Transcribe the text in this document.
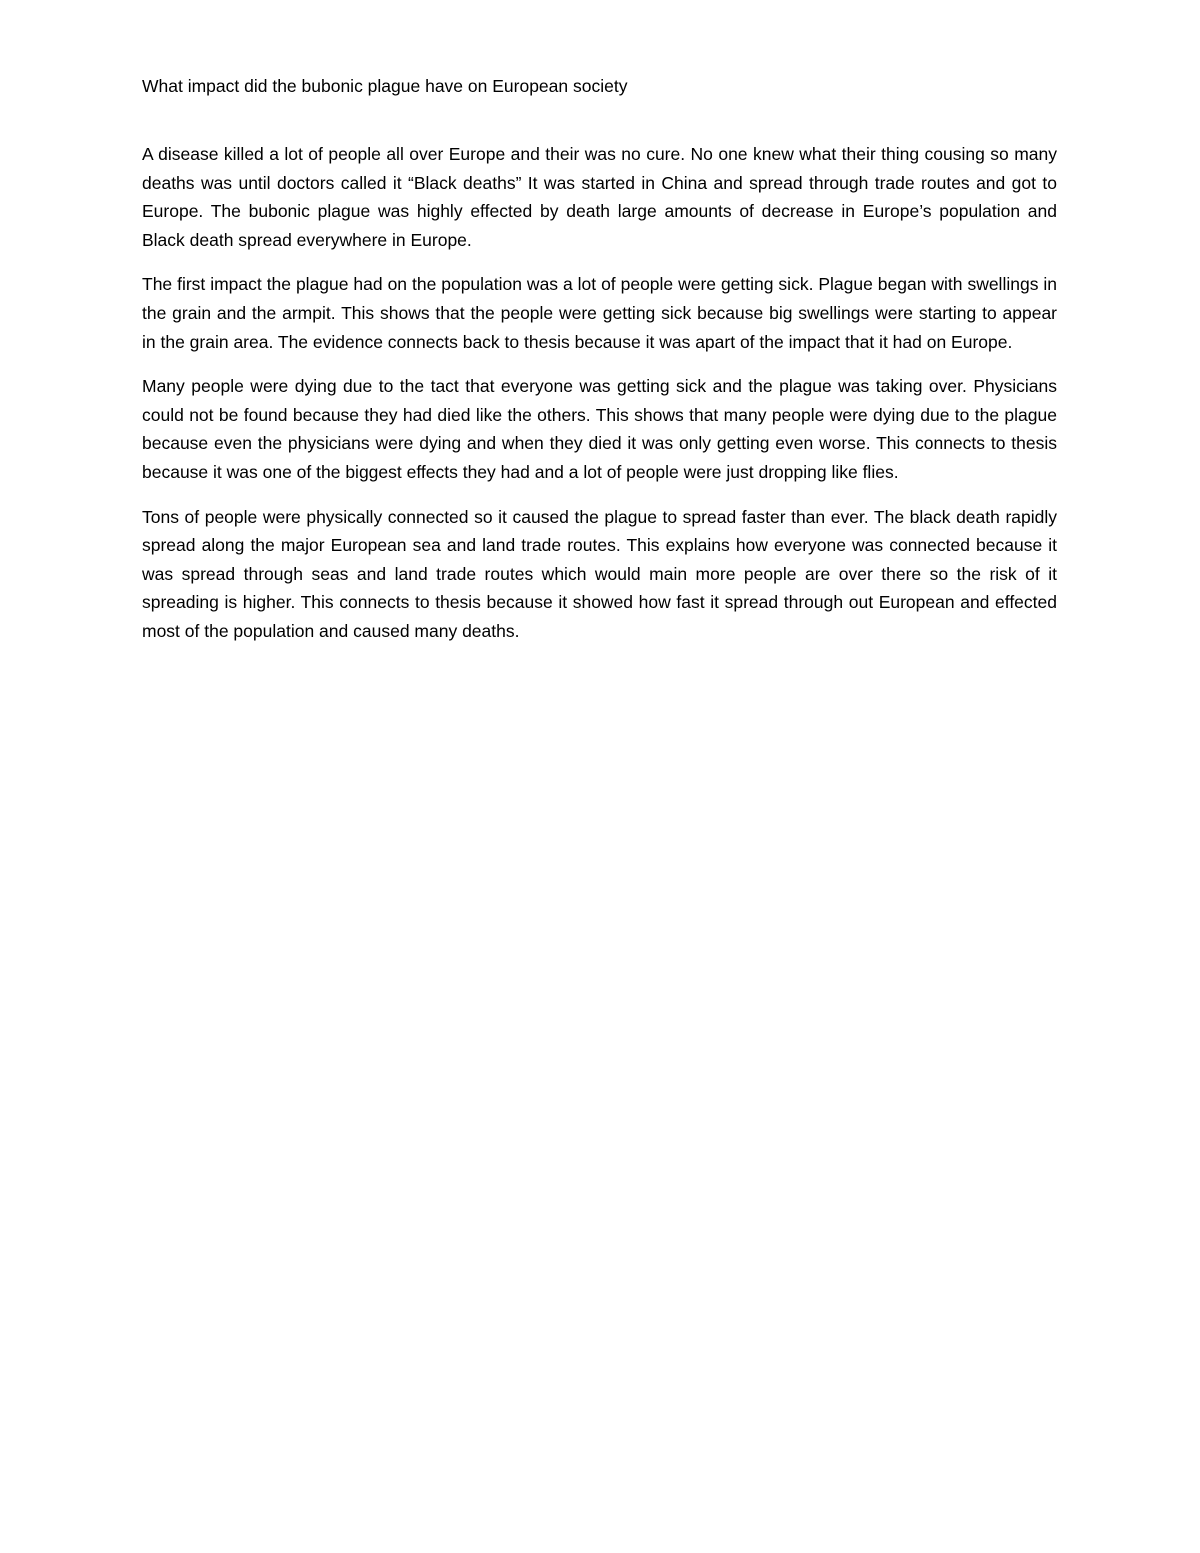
What impact did the bubonic plague have on European society

A disease killed a lot of people all over Europe and their was no cure. No one knew what their thing cousing so many deaths was until doctors called it “Black deaths” It was started in China and spread through trade routes and got to Europe. The bubonic plague was highly effected by death large amounts of decrease in Europe’s population and Black death spread everywhere in Europe.

The first impact the plague had on the population was a lot of people were getting sick. Plague began with swellings in the grain and the armpit. This shows that the people were getting sick because big swellings were starting to appear in the grain area. The evidence connects back to thesis because it was apart of the impact that it had on Europe.

Many people were dying due to the tact that everyone was getting sick and the plague was taking over. Physicians could not be found because they had died like the others. This shows that many people were dying due to the plague because even the physicians were dying and when they died it was only getting even worse. This connects to thesis because it was one of the biggest effects they had and a lot of people were just dropping like flies.

Tons of people were physically connected so it caused the plague to spread faster than ever. The black death rapidly spread along the major European sea and land trade routes. This explains how everyone was connected because it was spread through seas and land trade routes which would main more people are over there so the risk of it spreading is higher. This connects to thesis because it showed how fast it spread through out European and effected most of the population and caused many deaths.
